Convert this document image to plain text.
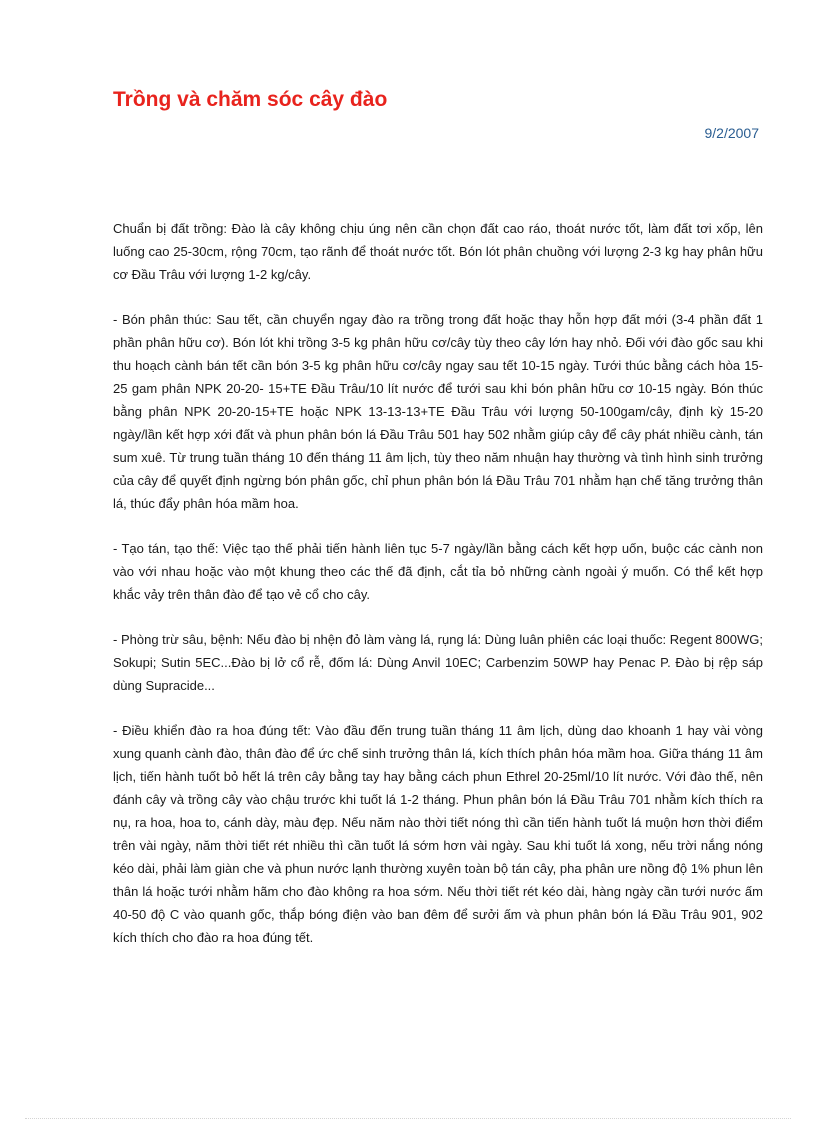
Trồng và chăm sóc cây đào
9/2/2007

Chuẩn bị đất trồng: Đào là cây không chịu úng nên cần chọn đất cao ráo, thoát nước tốt, làm đất tơi xốp, lên luống cao 25-30cm, rộng 70cm, tạo rãnh để thoát nước tốt. Bón lót phân chuồng với lượng 2-3 kg hay phân hữu cơ Đầu Trâu với lượng 1-2 kg/cây.

- Bón phân thúc: Sau tết, cần chuyển ngay đào ra trồng trong đất hoặc thay hỗn hợp đất mới (3-4 phần đất 1 phần phân hữu cơ). Bón lót khi trồng 3-5 kg phân hữu cơ/cây tùy theo cây lớn hay nhỏ. Đối với đào gốc sau khi thu hoạch cành bán tết cần bón 3-5 kg phân hữu cơ/cây ngay sau tết 10-15 ngày. Tưới thúc bằng cách hòa 15-25 gam phân NPK 20-20- 15+TE Đầu Trâu/10 lít nước để tưới sau khi bón phân hữu cơ 10-15 ngày. Bón thúc bằng phân NPK 20-20-15+TE hoặc NPK 13-13-13+TE Đầu Trâu với lượng 50-100gam/cây, định kỳ 15-20 ngày/lần kết hợp xới đất và phun phân bón lá Đầu Trâu 501 hay 502 nhằm giúp cây để cây phát nhiều cành, tán sum xuê. Từ trung tuần tháng 10 đến tháng 11 âm lịch, tùy theo năm nhuận hay thường và tình hình sinh trưởng của cây để quyết định ngừng bón phân gốc, chỉ phun phân bón lá Đầu Trâu 701 nhằm hạn chế tăng trưởng thân lá, thúc đẩy phân hóa mầm hoa.

- Tạo tán, tạo thế: Việc tạo thế phải tiến hành liên tục 5-7 ngày/lần bằng cách kết hợp uốn, buộc các cành non vào với nhau hoặc vào một khung theo các thế đã định, cắt tỉa bỏ những cành ngoài ý muốn. Có thể kết hợp khắc vảy trên thân đào để tạo vẻ cổ cho cây.

- Phòng trừ sâu, bệnh: Nếu đào bị nhện đỏ làm vàng lá, rụng lá: Dùng luân phiên các loại thuốc: Regent 800WG; Sokupi; Sutin 5EC...Đào bị lở cổ rễ, đốm lá: Dùng Anvil 10EC; Carbenzim 50WP hay Penac P. Đào bị rệp sáp dùng Supracide...

- Điều khiển đào ra hoa đúng tết: Vào đầu đến trung tuần tháng 11 âm lịch, dùng dao khoanh 1 hay vài vòng xung quanh cành đào, thân đào để ức chế sinh trưởng thân lá, kích thích phân hóa mầm hoa. Giữa tháng 11 âm lịch, tiến hành tuốt bỏ hết lá trên cây bằng tay hay bằng cách phun Ethrel 20-25ml/10 lít nước. Với đào thế, nên đánh cây và trồng cây vào chậu trước khi tuốt lá 1-2 tháng. Phun phân bón lá Đầu Trâu 701 nhằm kích thích ra nụ, ra hoa, hoa to, cánh dày, màu đẹp. Nếu năm nào thời tiết nóng thì cần tiến hành tuốt lá muộn hơn thời điểm trên vài ngày, năm thời tiết rét nhiều thì cần tuốt lá sớm hơn vài ngày. Sau khi tuốt lá xong, nếu trời nắng nóng kéo dài, phải làm giàn che và phun nước lạnh thường xuyên toàn bộ tán cây, pha phân ure nồng độ 1% phun lên thân lá hoặc tưới nhằm hãm cho đào không ra hoa sớm. Nếu thời tiết rét kéo dài, hàng ngày cần tưới nước ấm 40-50 độ C vào quanh gốc, thắp bóng điện vào ban đêm để sưởi ấm và phun phân bón lá Đầu Trâu 901, 902 kích thích cho đào ra hoa đúng tết.
